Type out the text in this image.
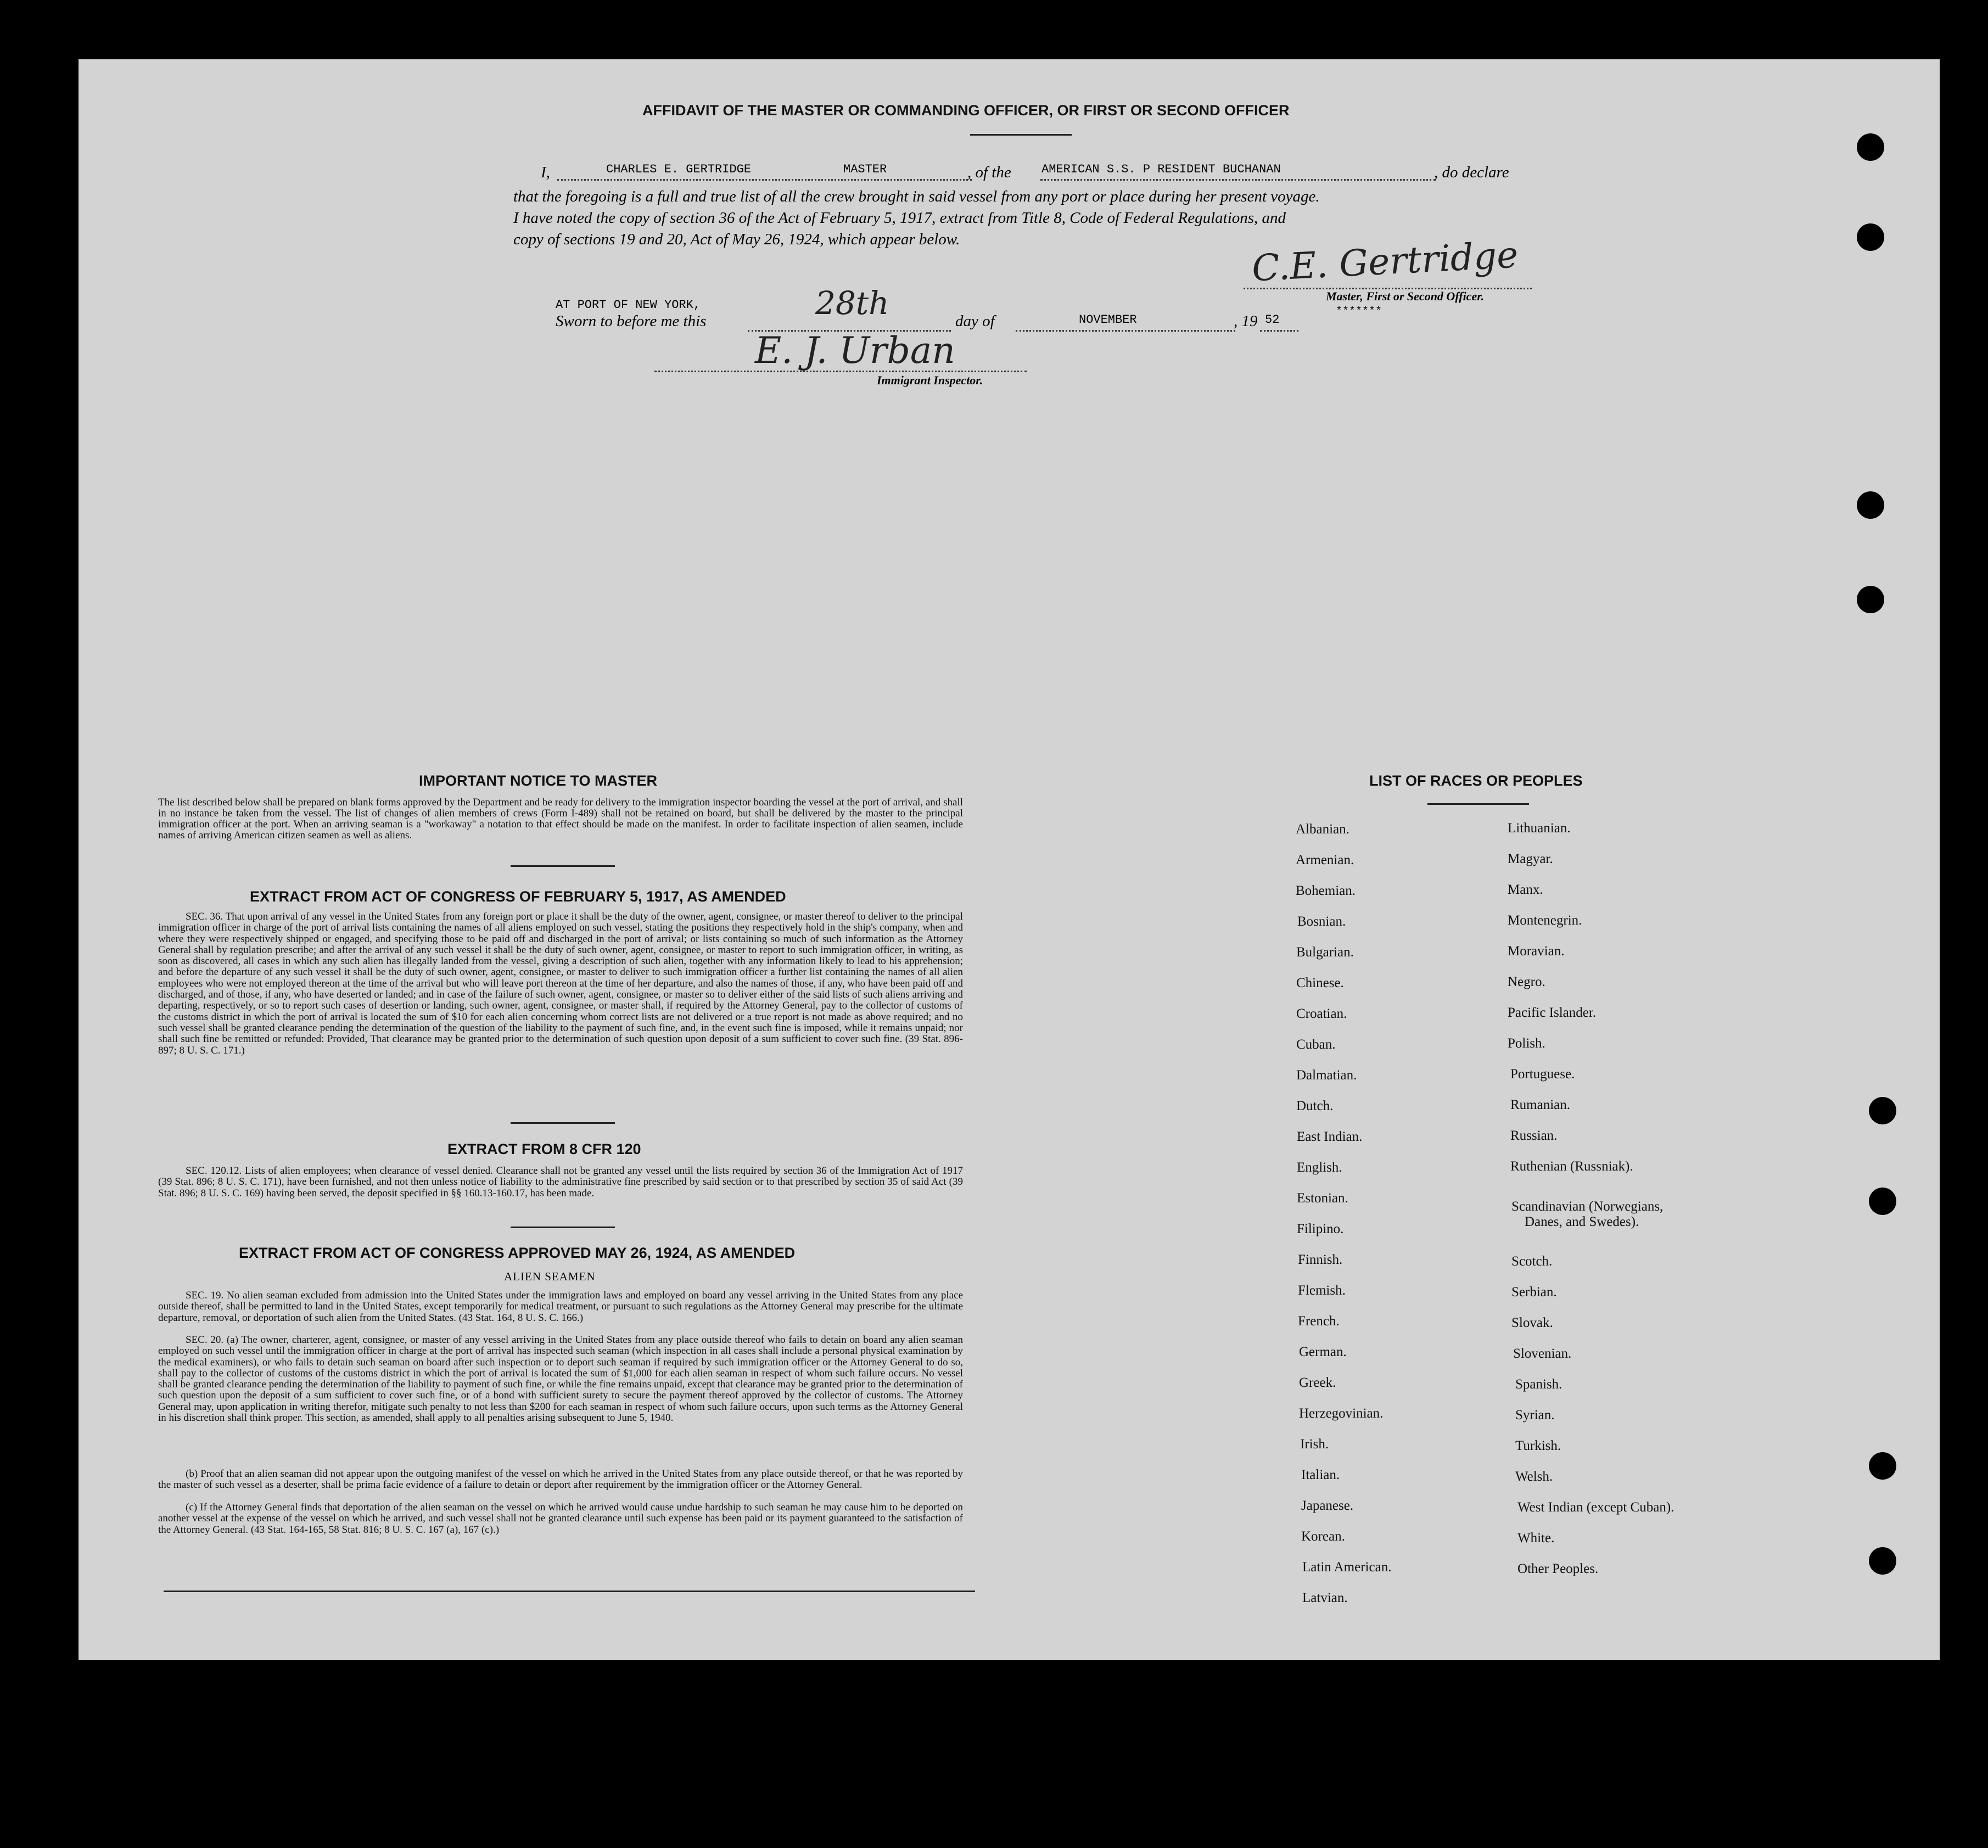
AFFIDAVIT OF THE MASTER OR COMMANDING OFFICER, OR FIRST OR SECOND OFFICER
I,	CHARLES E. GERTRIDGE	MASTER	, of the	AMERICAN S.S. P RESIDENT BUCHANAN	, do declare
that the foregoing is a full and true list of all the crew brought in said vessel from any port or place during her present voyage.
I have noted the copy of section 36 of the Act of February 5, 1917, extract from Title 8, Code of Federal Regulations, and
copy of sections 19 and 20, Act of May 26, 1924, which appear below.	C.E. Gertridge
Master, First or Second Officer.
*******
AT PORT OF NEW YORK,
Sworn to before me this	28th	day of	NOVEMBER	, 19 52
E. J. Urban
Immigrant Inspector.
IMPORTANT NOTICE TO MASTER
The list described below shall be prepared on blank forms approved by the Department and be ready for delivery to the immigration inspector boarding the vessel at the port of arrival, and shall in no instance be taken from the vessel. The list of changes of alien members of crews (Form I-489) shall not be retained on board, but shall be delivered by the master to the principal immigration officer at the port. When an arriving seaman is a "workaway" a notation to that effect should be made on the manifest. In order to facilitate inspection of alien seamen, include names of arriving American citizen seamen as well as aliens.
EXTRACT FROM ACT OF CONGRESS OF FEBRUARY 5, 1917, AS AMENDED
SEC. 36. That upon arrival of any vessel in the United States from any foreign port or place it shall be the duty of the owner, agent, consignee, or master thereof to deliver to the principal immigration officer in charge of the port of arrival lists containing the names of all aliens employed on such vessel, stating the positions they respectively hold in the ship's company, when and where they were respectively shipped or engaged, and specifying those to be paid off and discharged in the port of arrival; or lists containing so much of such information as the Attorney General shall by regulation prescribe; and after the arrival of any such vessel it shall be the duty of such owner, agent, consignee, or master to report to such immigration officer, in writing, as soon as discovered, all cases in which any such alien has illegally landed from the vessel, giving a description of such alien, together with any information likely to lead to his apprehension; and before the departure of any such vessel it shall be the duty of such owner, agent, consignee, or master to deliver to such immigration officer a further list containing the names of all alien employees who were not employed thereon at the time of the arrival but who will leave port thereon at the time of her departure, and also the names of those, if any, who have been paid off and discharged, and of those, if any, who have deserted or landed; and in case of the failure of such owner, agent, consignee, or master so to deliver either of the said lists of such aliens arriving and departing, respectively, or so to report such cases of desertion or landing, such owner, agent, consignee, or master shall, if required by the Attorney General, pay to the collector of customs of the customs district in which the port of arrival is located the sum of $10 for each alien concerning whom correct lists are not delivered or a true report is not made as above required; and no such vessel shall be granted clearance pending the determination of the question of the liability to the payment of such fine, and, in the event such fine is imposed, while it remains unpaid; nor shall such fine be remitted or refunded: Provided, That clearance may be granted prior to the determination of such question upon deposit of a sum sufficient to cover such fine. (39 Stat. 896-897; 8 U. S. C. 171.)
EXTRACT FROM 8 CFR 120
SEC. 120.12. Lists of alien employees; when clearance of vessel denied. Clearance shall not be granted any vessel until the lists required by section 36 of the Immigration Act of 1917 (39 Stat. 896; 8 U. S. C. 171), have been furnished, and not then unless notice of liability to the administrative fine prescribed by said section or to that prescribed by section 35 of said Act (39 Stat. 896; 8 U. S. C. 169) having been served, the deposit specified in §§ 160.13-160.17, has been made.
EXTRACT FROM ACT OF CONGRESS APPROVED MAY 26, 1924, AS AMENDED
ALIEN SEAMEN
SEC. 19. No alien seaman excluded from admission into the United States under the immigration laws and employed on board any vessel arriving in the United States from any place outside thereof, shall be permitted to land in the United States, except temporarily for medical treatment, or pursuant to such regulations as the Attorney General may prescribe for the ultimate departure, removal, or deportation of such alien from the United States. (43 Stat. 164, 8 U. S. C. 166.)
SEC. 20. (a) The owner, charterer, agent, consignee, or master of any vessel arriving in the United States from any place outside thereof who fails to detain on board any alien seaman employed on such vessel until the immigration officer in charge at the port of arrival has inspected such seaman (which inspection in all cases shall include a personal physical examination by the medical examiners), or who fails to detain such seaman on board after such inspection or to deport such seaman if required by such immigration officer or the Attorney General to do so, shall pay to the collector of customs of the customs district in which the port of arrival is located the sum of $1,000 for each alien seaman in respect of whom such failure occurs. No vessel shall be granted clearance pending the determination of the liability to payment of such fine, or while the fine remains unpaid, except that clearance may be granted prior to the determination of such question upon the deposit of a sum sufficient to cover such fine, or of a bond with sufficient surety to secure the payment thereof approved by the collector of customs. The Attorney General may, upon application in writing therefor, mitigate such penalty to not less than $200 for each seaman in respect of whom such failure occurs, upon such terms as the Attorney General in his discretion shall think proper. This section, as amended, shall apply to all penalties arising subsequent to June 5, 1940.
(b) Proof that an alien seaman did not appear upon the outgoing manifest of the vessel on which he arrived in the United States from any place outside thereof, or that he was reported by the master of such vessel as a deserter, shall be prima facie evidence of a failure to detain or deport after requirement by the immigration officer or the Attorney General.
(c) If the Attorney General finds that deportation of the alien seaman on the vessel on which he arrived would cause undue hardship to such seaman he may cause him to be deported on another vessel at the expense of the vessel on which he arrived, and such vessel shall not be granted clearance until such expense has been paid or its payment guaranteed to the satisfaction of the Attorney General. (43 Stat. 164-165, 58 Stat. 816; 8 U. S. C. 167 (a), 167 (c).)
LIST OF RACES OR PEOPLES
Albanian.
Armenian.
Bohemian.
Bosnian.
Bulgarian.
Chinese.
Croatian.
Cuban.
Dalmatian.
Dutch.
East Indian.
English.
Estonian.
Filipino.
Finnish.
Flemish.
French.
German.
Greek.
Herzegovinian.
Irish.
Italian.
Japanese.
Korean.
Latin American.
Latvian.
Lithuanian.
Magyar.
Manx.
Montenegrin.
Moravian.
Negro.
Pacific Islander.
Polish.
Portuguese.
Rumanian.
Russian.
Ruthenian (Russniak).
Scandinavian (Norwegians,
Danes, and Swedes).
Scotch.
Serbian.
Slovak.
Slovenian.
Spanish.
Syrian.
Turkish.
Welsh.
West Indian (except Cuban).
White.
Other Peoples.
